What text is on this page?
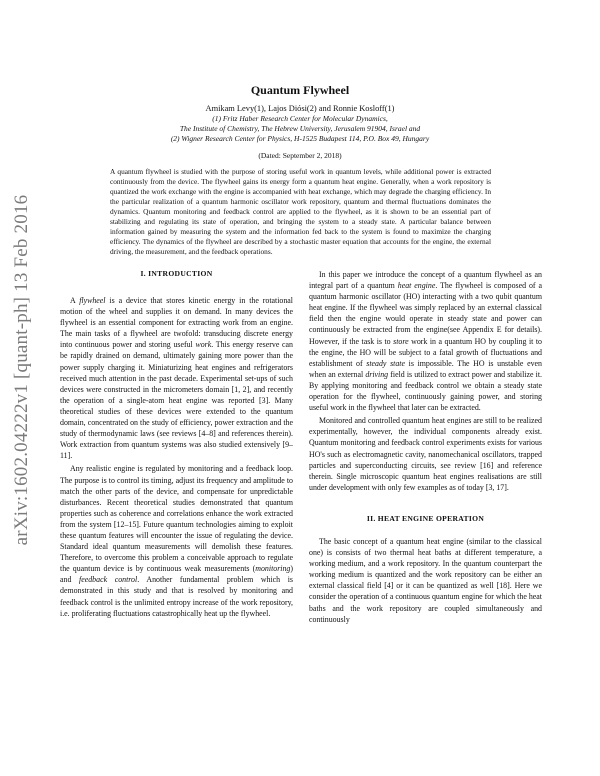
arXiv:1602.04222v1 [quant-ph] 13 Feb 2016
Quantum Flywheel
Amikam Levy(1), Lajos Diósi(2) and Ronnie Kosloff(1)
(1) Fritz Haber Research Center for Molecular Dynamics,
The Institute of Chemistry, The Hebrew University, Jerusalem 91904, Israel and
(2) Wigner Research Center for Physics, H-1525 Budapest 114, P.O. Box 49, Hungary
(Dated: September 2, 2018)
A quantum flywheel is studied with the purpose of storing useful work in quantum levels, while additional power is extracted continuously from the device. The flywheel gains its energy form a quantum heat engine. Generally, when a work repository is quantized the work exchange with the engine is accompanied with heat exchange, which may degrade the charging efficiency. In the particular realization of a quantum harmonic oscillator work repository, quantum and thermal fluctuations dominates the dynamics. Quantum monitoring and feedback control are applied to the flywheel, as it is shown to be an essential part of stabilizing and regulating its state of operation, and bringing the system to a steady state. A particular balance between information gained by measuring the system and the information fed back to the system is found to maximize the charging efficiency. The dynamics of the flywheel are described by a stochastic master equation that accounts for the engine, the external driving, the measurement, and the feedback operations.
I. INTRODUCTION

A flywheel is a device that stores kinetic energy in the rotational motion of the wheel and supplies it on demand. In many devices the flywheel is an essential component for extracting work from an engine. The main tasks of a flywheel are twofold: transducing discrete energy into continuous power and storing useful work. This energy reserve can be rapidly drained on demand, ultimately gaining more power than the power supply charging it. Miniaturizing heat engines and refrigerators received much attention in the past decade. Experimental set-ups of such devices were constructed in the micrometers domain [1, 2], and recently the operation of a single-atom heat engine was reported [3]. Many theoretical studies of these devices were extended to the quantum domain, concentrated on the study of efficiency, power extraction and the study of thermodynamic laws (see reviews [4–8] and references therein). Work extraction from quantum systems was also studied extensively [9–11].

Any realistic engine is regulated by monitoring and a feedback loop. The purpose is to control its timing, adjust its frequency and amplitude to match the other parts of the device, and compensate for unpredictable disturbances. Recent theoretical studies demonstrated that quantum properties such as coherence and correlations enhance the work extracted from the system [12–15]. Future quantum technologies aiming to exploit these quantum features will encounter the issue of regulating the device. Standard ideal quantum measurements will demolish these features. Therefore, to overcome this problem a conceivable approach to regulate the quantum device is by continuous weak measurements (monitoring) and feedback control. Another fundamental problem which is demonstrated in this study and that is resolved by monitoring and feedback control is the unlimited entropy increase of the work repository, i.e. proliferating fluctuations catastrophically heat up the flywheel.

In this paper we introduce the concept of a quantum flywheel as an integral part of a quantum heat engine. The flywheel is composed of a quantum harmonic oscillator (HO) interacting with a two qubit quantum heat engine. If the flywheel was simply replaced by an external classical field then the engine would operate in steady state and power can continuously be extracted from the engine(see Appendix E for details). However, if the task is to store work in a quantum HO by coupling it to the engine, the HO will be subject to a fatal growth of fluctuations and establishment of steady state is impossible. The HO is unstable even when an external driving field is utilized to extract power and stabilize it. By applying monitoring and feedback control we obtain a steady state operation for the flywheel, continuously gaining power, and storing useful work in the flywheel that later can be extracted.

Monitored and controlled quantum heat engines are still to be realized experimentally, however, the individual components already exist. Quantum monitoring and feedback control experiments exists for various HO's such as electromagnetic cavity, nanomechanical oscillators, trapped particles and superconducting circuits, see review [16] and reference therein. Single microscopic quantum heat engines realisations are still under development with only few examples as of today [3, 17].

II. HEAT ENGINE OPERATION

The basic concept of a quantum heat engine (similar to the classical one) is consists of two thermal heat baths at different temperature, a working medium, and a work repository. In the quantum counterpart the working medium is quantized and the work repository can be either an external classical field [4] or it can be quantized as well [18]. Here we consider the operation of a continuous quantum engine for which the heat baths and the work repository are coupled simultaneously and continuously
